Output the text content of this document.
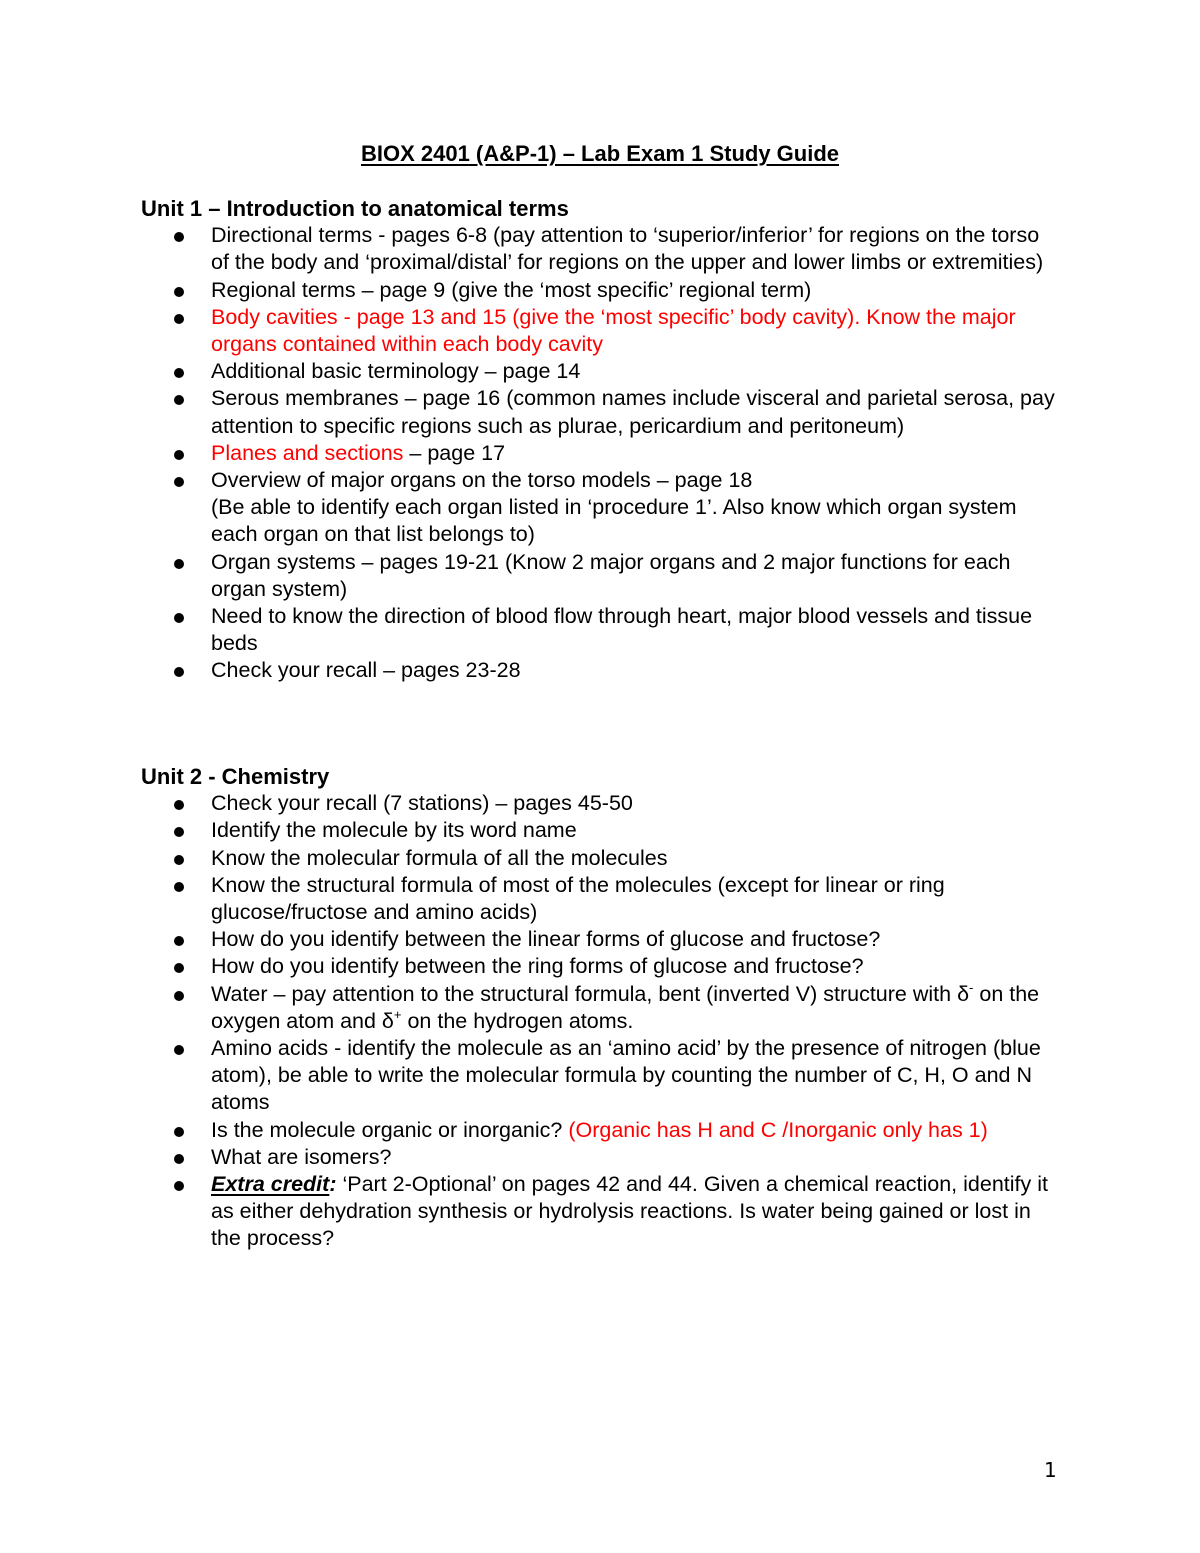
BIOX 2401 (A&P-1) – Lab Exam 1 Study Guide

Unit 1 – Introduction to anatomical terms

Directional terms - pages 6-8 (pay attention to ‘superior/inferior’ for regions on the torso of the body and ‘proximal/distal’ for regions on the upper and lower limbs or extremities)
Regional terms – page 9 (give the ‘most specific’ regional term)
Body cavities - page 13 and 15 (give the ‘most specific’ body cavity). Know the major organs contained within each body cavity
Additional basic terminology – page 14
Serous membranes – page 16 (common names include visceral and parietal serosa, pay attention to specific regions such as plurae, pericardium and peritoneum)
Planes and sections – page 17
Overview of major organs on the torso models – page 18
(Be able to identify each organ listed in ‘procedure 1’. Also know which organ system each organ on that list belongs to)
Organ systems – pages 19-21 (Know 2 major organs and 2 major functions for each organ system)
Need to know the direction of blood flow through heart, major blood vessels and tissue beds
Check your recall – pages 23-28

Unit 2 - Chemistry

Check your recall (7 stations) – pages 45-50
Identify the molecule by its word name
Know the molecular formula of all the molecules
Know the structural formula of most of the molecules (except for linear or ring glucose/fructose and amino acids)
How do you identify between the linear forms of glucose and fructose?
How do you identify between the ring forms of glucose and fructose?
Water – pay attention to the structural formula, bent (inverted V) structure with δ- on the oxygen atom and δ+ on the hydrogen atoms.
Amino acids - identify the molecule as an ‘amino acid’ by the presence of nitrogen (blue atom), be able to write the molecular formula by counting the number of C, H, O and N atoms
Is the molecule organic or inorganic? (Organic has H and C /Inorganic only has 1)
What are isomers?
Extra credit: ‘Part 2-Optional’ on pages 42 and 44. Given a chemical reaction, identify it as either dehydration synthesis or hydrolysis reactions. Is water being gained or lost in the process?
1
